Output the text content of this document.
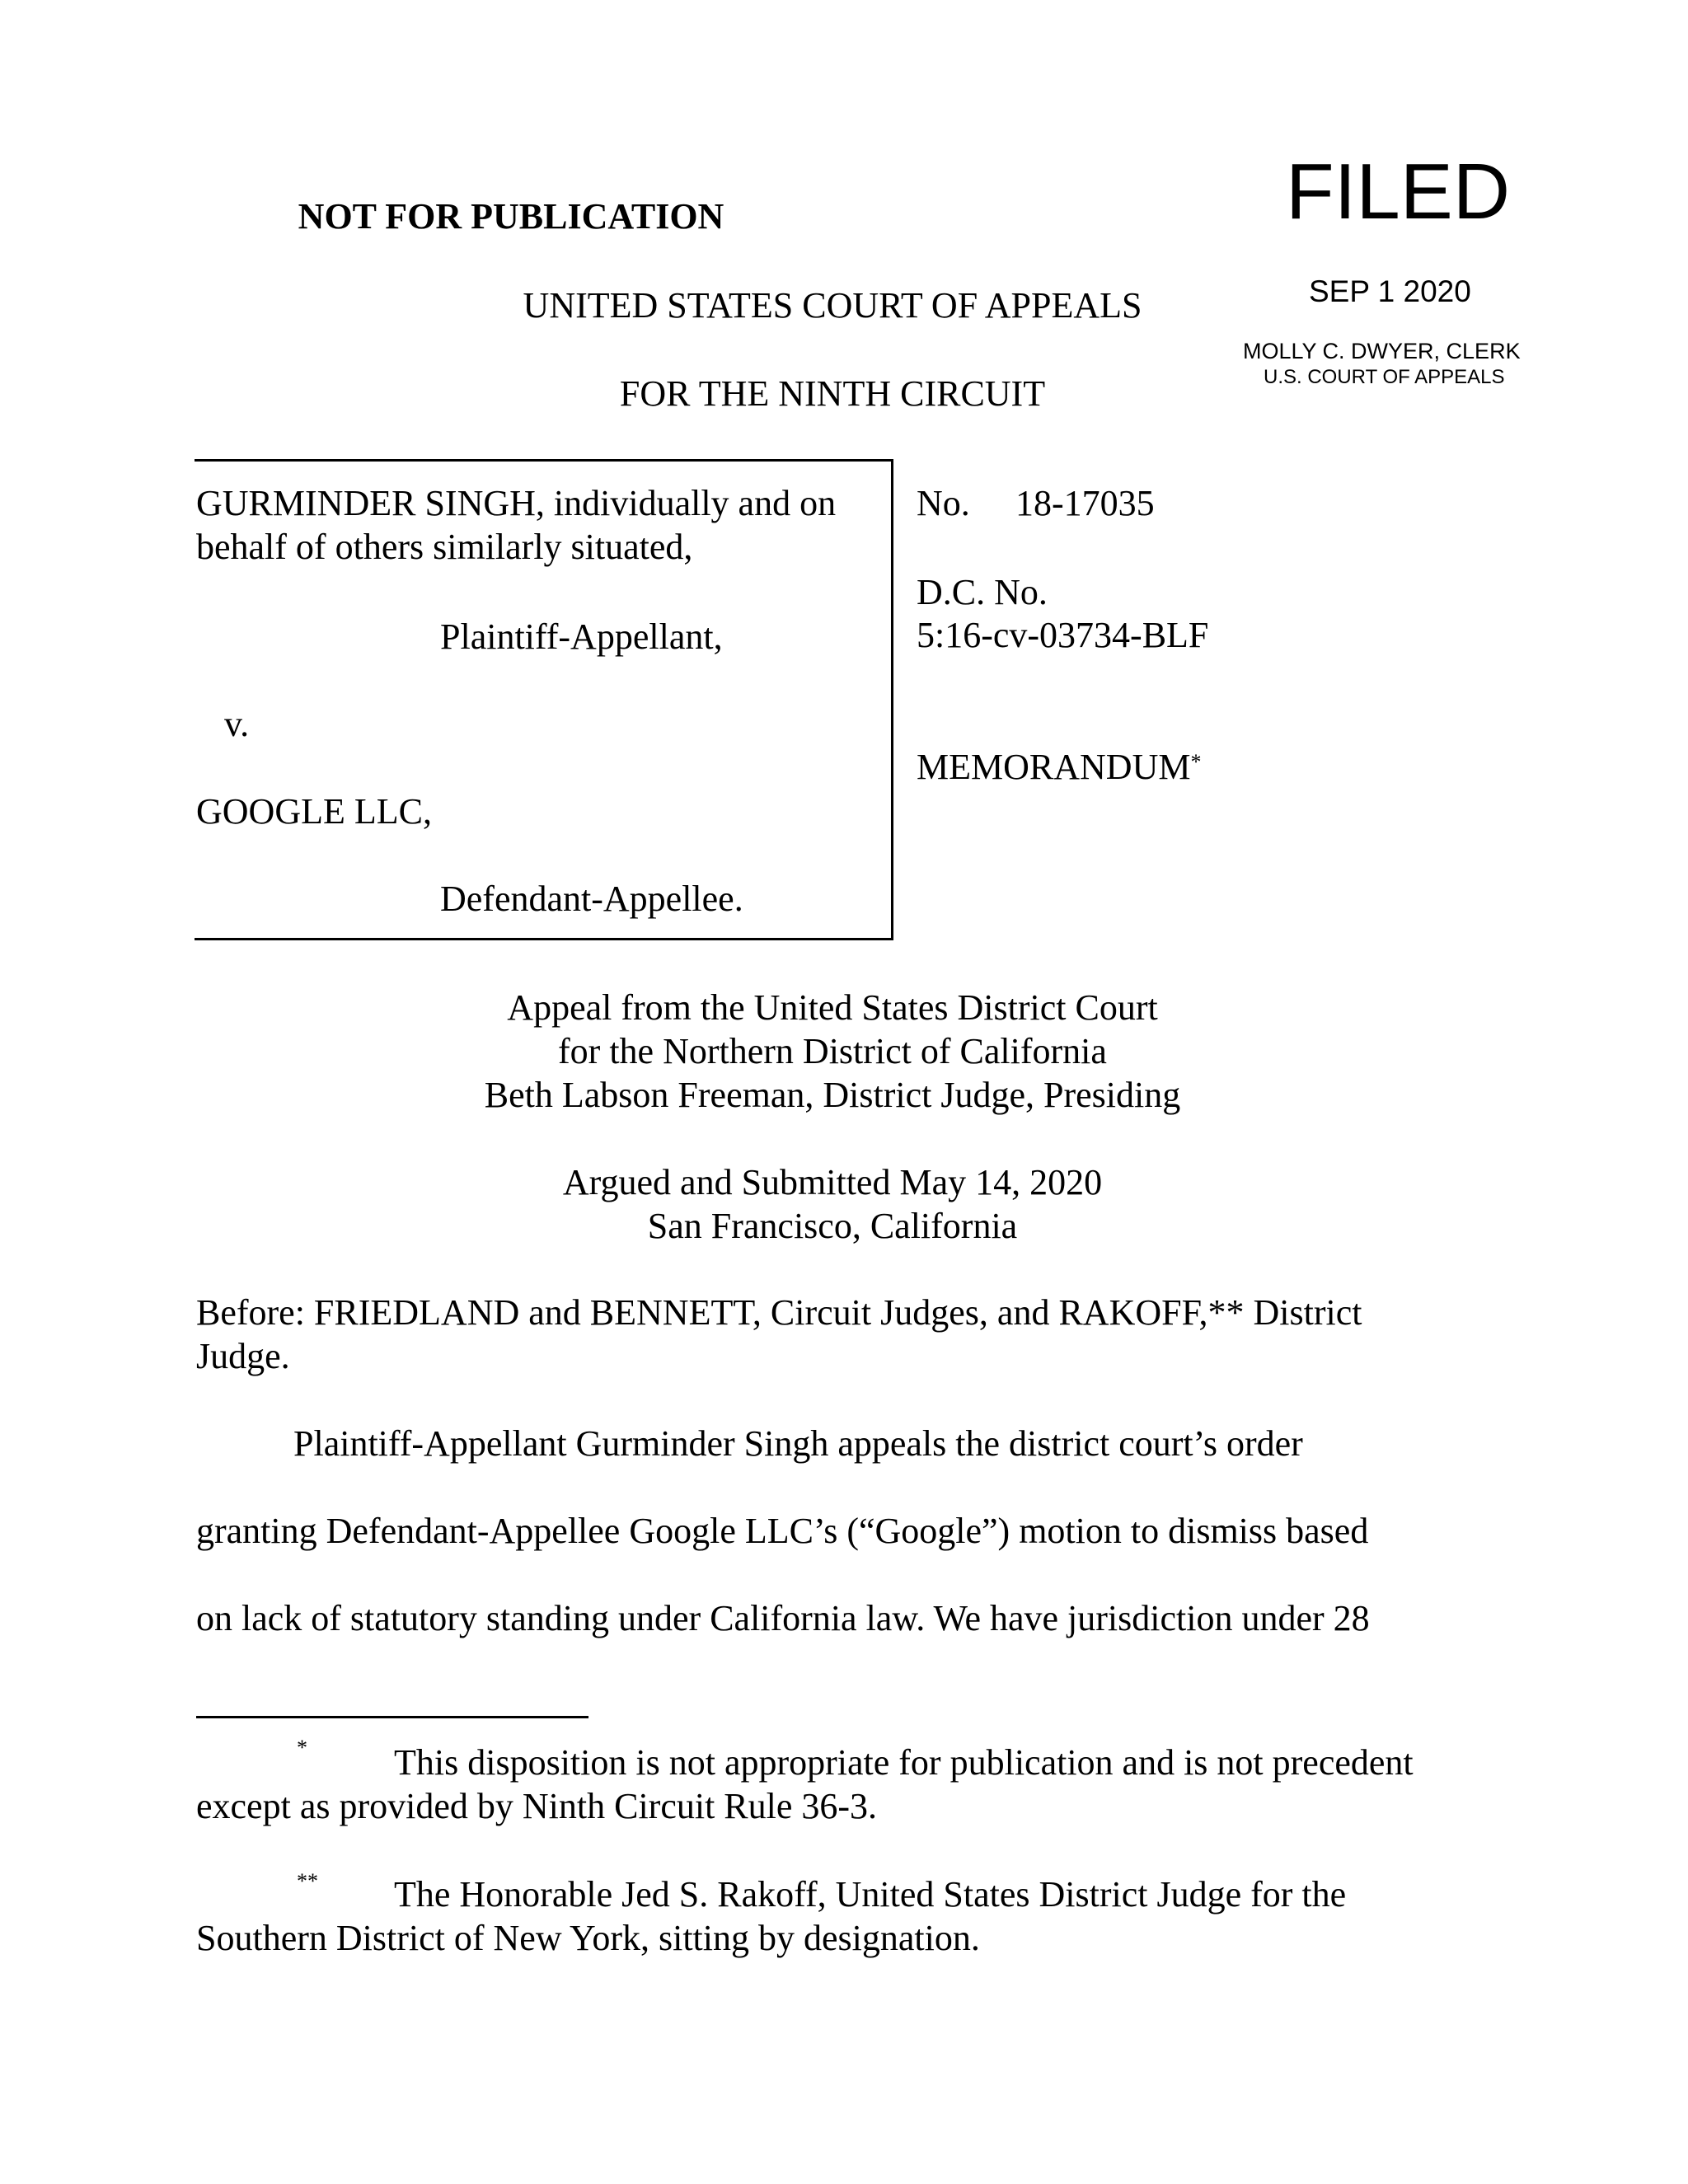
NOT FOR PUBLICATION
UNITED STATES COURT OF APPEALS
FOR THE NINTH CIRCUIT
FILED
SEP 1 2020
MOLLY C. DWYER, CLERK
U.S. COURT OF APPEALS
GURMINDER SINGH, individually and on
behalf of others similarly situated,
Plaintiff-Appellant,
v.
GOOGLE LLC,
Defendant-Appellee.
No. 18-17035
D.C. No.
5:16-cv-03734-BLF
MEMORANDUM*
Appeal from the United States District Court
for the Northern District of California
Beth Labson Freeman, District Judge, Presiding
Argued and Submitted May 14, 2020
San Francisco, California
Before: FRIEDLAND and BENNETT, Circuit Judges, and RAKOFF,** District
Judge.
Plaintiff-Appellant Gurminder Singh appeals the district court’s order
granting Defendant-Appellee Google LLC’s (“Google”) motion to dismiss based
on lack of statutory standing under California law. We have jurisdiction under 28
* This disposition is not appropriate for publication and is not precedent
except as provided by Ninth Circuit Rule 36-3.
** The Honorable Jed S. Rakoff, United States District Judge for the
Southern District of New York, sitting by designation.
